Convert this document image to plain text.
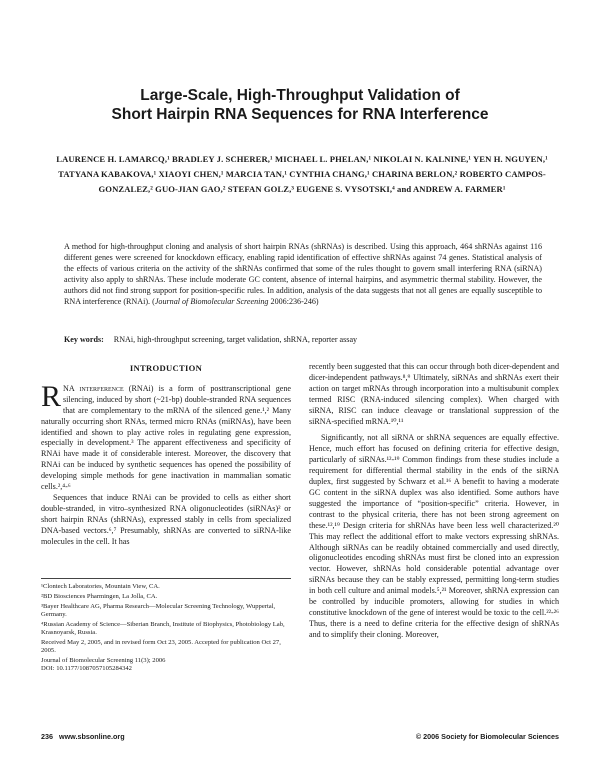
Large-Scale, High-Throughput Validation of
Short Hairpin RNA Sequences for RNA Interference

LAURENCE H. LAMARCQ,¹ BRADLEY J. SCHERER,¹ MICHAEL L. PHELAN,¹ NIKOLAI N. KALNINE,¹ YEN H. NGUYEN,¹ TATYANA KABAKOVA,¹ XIAOYI CHEN,¹ MARCIA TAN,¹ CYNTHIA CHANG,¹ CHARINA BERLON,² ROBERTO CAMPOS-GONZALEZ,² GUO-JIAN GAO,² STEFAN GOLZ,³ EUGENE S. VYSOTSKI,⁴ and ANDREW A. FARMER¹

A method for high-throughput cloning and analysis of short hairpin RNAs (shRNAs) is described. Using this approach, 464 shRNAs against 116 different genes were screened for knockdown efficacy, enabling rapid identification of effective shRNAs against 74 genes. Statistical analysis of the effects of various criteria on the activity of the shRNAs confirmed that some of the rules thought to govern small interfering RNA (siRNA) activity also apply to shRNAs. These include moderate GC content, absence of internal hairpins, and asymmetric thermal stability. However, the authors did not find strong support for position-specific rules. In addition, analysis of the data suggests that not all genes are equally susceptible to RNA interference (RNAi). (Journal of Biomolecular Screening 2006:236-246)

Key words: RNAi, high-throughput screening, target validation, shRNA, reporter assay

INTRODUCTION

RNA interference (RNAi) is a form of posttranscriptional gene silencing, induced by short (~21-bp) double-stranded RNA sequences that are complementary to the mRNA of the silenced gene.¹,² Many naturally occurring short RNAs, termed micro RNAs (miRNAs), have been identified and shown to play active roles in regulating gene expression, especially in development.³ The apparent effectiveness and specificity of RNAi have made it of considerable interest. Moreover, the discovery that RNAi can be induced by synthetic sequences has opened the possibility of developing simple methods for gene inactivation in mammalian somatic cells.²,⁴-⁶

Sequences that induce RNAi can be provided to cells as either short double-stranded, in vitro–synthesized RNA oligonucleotides (siRNAs)² or short hairpin RNAs (shRNAs), expressed stably in cells from specialized DNA-based vectors.⁶,⁷ Presumably, shRNAs are converted to siRNA-like molecules in the cell. It has

¹Clontech Laboratories, Mountain View, CA.
²BD Biosciences Pharmingen, La Jolla, CA.
³Bayer Healthcare AG, Pharma Research—Molecular Screening Technology, Wuppertal, Germany.
⁴Russian Academy of Science—Siberian Branch, Institute of Biophysics, Photobiology Lab, Krasnoyarsk, Russia.
Received May 2, 2005, and in revised form Oct 23, 2005. Accepted for publication Oct 27, 2005.
Journal of Biomolecular Screening 11(3); 2006
DOI: 10.1177/1087057105284342

recently been suggested that this can occur through both dicer-dependent and dicer-independent pathways.⁸,⁹ Ultimately, siRNAs and shRNAs exert their action on target mRNAs through incorporation into a multisubunit complex termed RISC (RNA-induced silencing complex). When charged with siRNA, RISC can induce cleavage or translational suppression of the siRNA-specified mRNA.¹⁰,¹¹

Significantly, not all siRNA or shRNA sequences are equally effective. Hence, much effort has focused on defining criteria for effective design, particularly of siRNAs.¹²-¹⁹ Common findings from these studies include a requirement for differential thermal stability in the ends of the siRNA duplex, first suggested by Schwarz et al.¹⁶ A benefit to having a moderate GC content in the siRNA duplex was also identified. Some authors have suggested the importance of “position-specific” criteria. However, in contrast to the physical criteria, there has not been strong agreement on these.¹²,¹⁹ Design criteria for shRNAs have been less well characterized.²⁰ This may reflect the additional effort to make vectors expressing shRNAs. Although siRNAs can be readily obtained commercially and used directly, oligonucleotides encoding shRNAs must first be cloned into an expression vector. However, shRNAs hold considerable potential advantage over siRNAs because they can be stably expressed, permitting long-term studies in both cell culture and animal models.⁵,²¹ Moreover, shRNA expression can be controlled by inducible promoters, allowing for studies in which constitutive knockdown of the gene of interest would be toxic to the cell.²²-²⁶ Thus, there is a need to define criteria for the effective design of shRNAs and to simplify their cloning. Moreover,

236 www.sbsonline.org	© 2006 Society for Biomolecular Sciences
